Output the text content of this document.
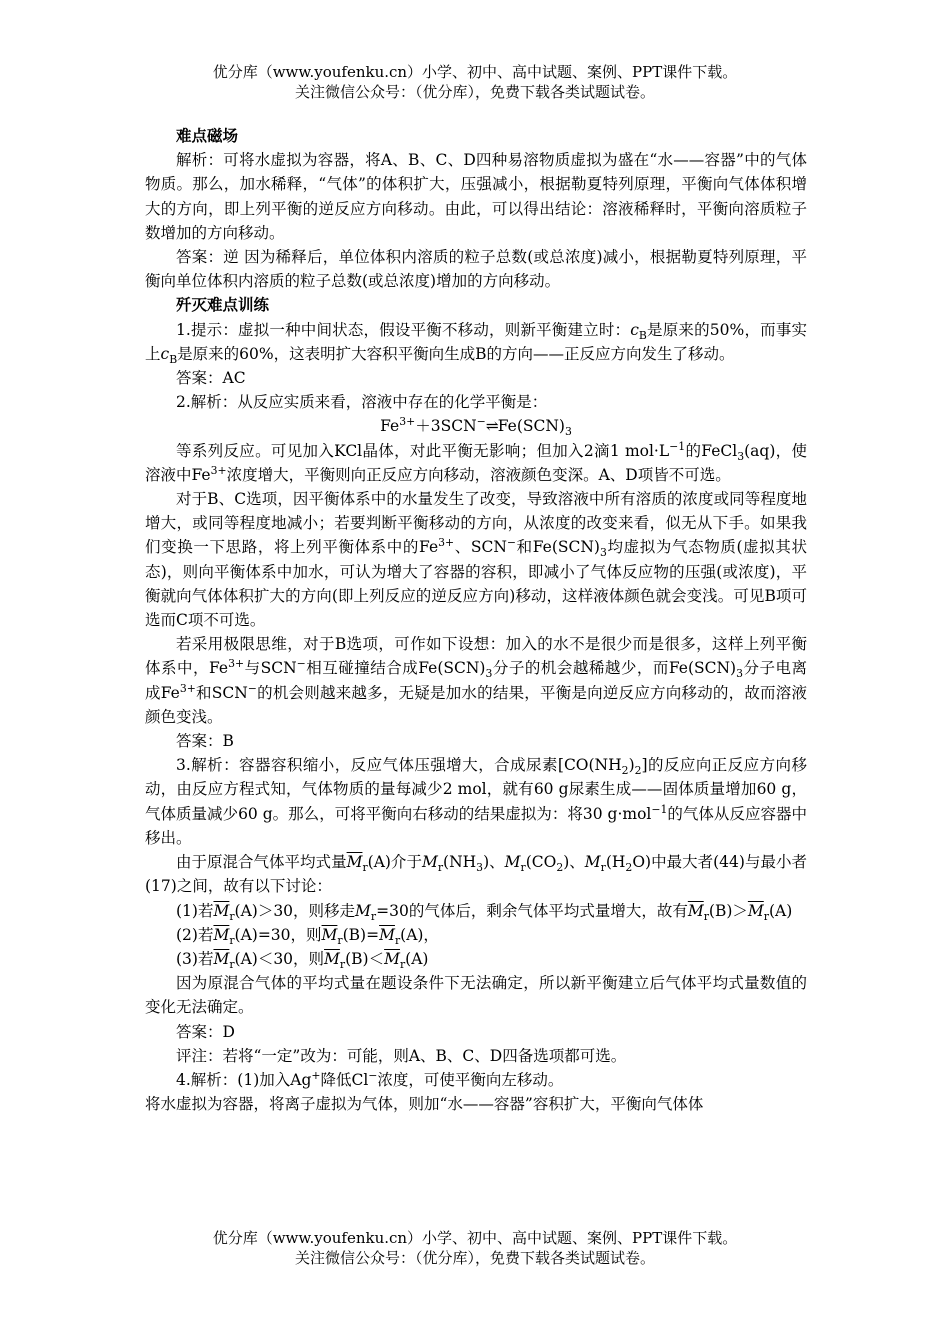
优分库（www.youfenku.cn）小学、初中、高中试题、案例、PPT课件下载。
关注微信公众号：（优分库），免费下载各类试题试卷。

难点磁场

解析：可将水虚拟为容器，将A、B、C、D四种易溶物质虚拟为盛在“水——容器”中的气体物质。那么，加水稀释，“气体”的体积扩大，压强减小，根据勒夏特列原理，平衡向气体体积增大的方向，即上列平衡的逆反应方向移动。由此，可以得出结论：溶液稀释时，平衡向溶质粒子数增加的方向移动。

答案：逆 因为稀释后，单位体积内溶质的粒子总数(或总浓度)减小，根据勒夏特列原理，平衡向单位体积内溶质的粒子总数(或总浓度)增加的方向移动。

歼灭难点训练

1.提示：虚拟一种中间状态，假设平衡不移动，则新平衡建立时：$c_B$是原来的50%，而事实上$c_B$是原来的60%，这表明扩大容积平衡向生成B的方向——正反应方向发生了移动。

答案：AC

2.解析：从反应实质来看，溶液中存在的化学平衡是：

$Fe^{3+}+3SCN^-\rightleftharpoons Fe(SCN)_3$

等系列反应。可见加入KCl晶体，对此平衡无影响；但加入2滴1 $mol\cdot L^{-1}$的FeCl$_3$(aq)，使溶液中$Fe^{3+}$浓度增大，平衡则向正反应方向移动，溶液颜色变深。A、D项皆不可选。

对于B、C选项，因平衡体系中的水量发生了改变，导致溶液中所有溶质的浓度或同等程度地增大，或同等程度地减小；若要判断平衡移动的方向，从浓度的改变来看，似无从下手。如果我们变换一下思路，将上列平衡体系中的$Fe^{3+}$、SCN−和$Fe(SCN)_3$均虚拟为气态物质(虚拟其状态)，则向平衡体系中加水，可认为增大了容器的容积，即减小了气体反应物的压强(或浓度)，平衡就向气体体积扩大的方向(即上列反应的逆反应方向)移动，这样液体颜色就会变浅。可见B项可选而C项不可选。

若采用极限思维，对于B选项，可作如下设想：加入的水不是很少而是很多，这样上列平衡体系中，$Fe^{3+}$与SCN−相互碰撞结合成$Fe(SCN)_3$分子的机会越稀越少，而$Fe(SCN)_3$分子电离成$Fe^{3+}$和SCN−的机会则越来越多，无疑是加水的结果，平衡是向逆反应方向移动的，故而溶液颜色变浅。

答案：B

3.解析：容器容积缩小，反应气体压强增大，合成尿素$[CO(NH_2)_2]$的反应向正反应方向移动，由反应方程式知，气体物质的量每减少2 mol，就有60 g尿素生成——固体质量增加60 g，气体质量减少60 g。那么，可将平衡向右移动的结果虚拟为：将30 g·mol$^{-1}$的气体从反应容器中移出。

由于原混合气体平均式量$\overline{M}_r(A)$介于$M_r(NH_3)$、$M_r(CO_2)$、$M_r(H_2O)$中最大者(44)与最小者(17)之间，故有以下讨论：

(1)若$\overline{M}_r(A)>30$，则移走$M_r=30$的气体后，剩余气体平均式量增大，故有$\overline{M}_r(B)>\overline{M}_r(A)$

(2)若$\overline{M}_r(A)=30$，则$\overline{M}_r(B)=\overline{M}_r(A)$，

(3)若$\overline{M}_r(A)<30$，则$\overline{M}_r(B)<\overline{M}_r(A)$

因为原混合气体的平均式量在题设条件下无法确定，所以新平衡建立后气体平均式量数值的变化无法确定。

答案：D

评注：若将“一定”改为：可能，则A、B、C、D四备选项都可选。

4.解析：(1)加入Ag+降低Cl−浓度，可使平衡向左移动。

将水虚拟为容器，将离子虚拟为气体，则加“水——容器”容积扩大，平衡向气体体

优分库（www.youfenku.cn）小学、初中、高中试题、案例、PPT课件下载。
关注微信公众号：（优分库），免费下载各类试题试卷。
